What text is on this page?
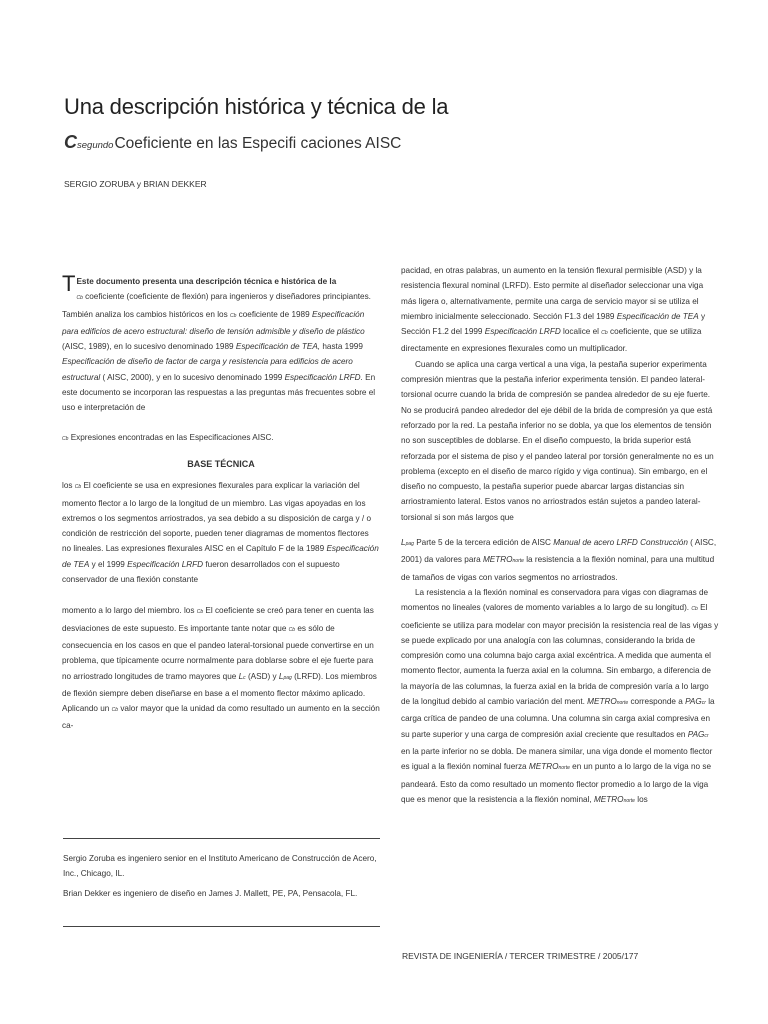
Una descripción histórica y técnica de la
CsegundoCoeficiente en las Especifi caciones AISC

SERGIO ZORUBA y BRIAN DEKKER

T Este documento presenta una descripción técnica e histórica de la
Cb coeficiente (coeficiente de flexión) para ingenieros y diseñadores principiantes. También analiza los cambios históricos en los Cb coeficiente de 1989 Especificación para edificios de acero estructural: diseño de tensión admisible y diseño de plástico (AISC, 1989), en lo sucesivo denominado 1989 Especificación de TEA, hasta 1999 Especificación de diseño de factor de carga y resistencia para edificios de acero estructural ( AISC, 2000), y en lo sucesivo denominado 1999 Especificación LRFD. En este documento se incorporan las respuestas a las preguntas más frecuentes sobre el uso e interpretación de

Cb Expresiones encontradas en las Especificaciones AISC.

BASE TÉCNICA

los Cb El coeficiente se usa en expresiones flexurales para explicar la variación del momento flector a lo largo de la longitud de un miembro. Las vigas apoyadas en los extremos o los segmentos arriostrados, ya sea debido a su disposición de carga y / o condición de restricción del soporte, pueden tener diagramas de momentos flectores no lineales. Las expresiones flexurales AISC en el Capítulo F de la 1989 Especificación de TEA y el 1999 Especificación LRFD fueron desarrollados con el supuesto conservador de una flexión constante

momento a lo largo del miembro. los Cb El coeficiente se creó para tener en cuenta las desviaciones de este supuesto. Es importante tante notar que Cb es sólo de consecuencia en los casos en que el pandeo lateral-torsional puede convertirse en un problema, que típicamente ocurre normalmente para doblarse sobre el eje fuerte para no arriostrado longitudes de tramo mayores que Lc (ASD) y Lpag (LRFD). Los miembros de flexión siempre deben diseñarse en base a el momento flector máximo aplicado. Aplicando un Cb valor mayor que la unidad da como resultado un aumento en la sección ca-

Sergio Zoruba es ingeniero senior en el Instituto Americano de Construcción de Acero, Inc., Chicago, IL.

Brian Dekker es ingeniero de diseño en James J. Mallett, PE, PA, Pensacola, FL.

pacidad, en otras palabras, un aumento en la tensión flexural permisible (ASD) y la resistencia flexural nominal (LRFD). Esto permite al diseñador seleccionar una viga más ligera o, alternativamente, permite una carga de servicio mayor si se utiliza el miembro inicialmente seleccionado. Sección F1.3 del 1989 Especificación de TEA y Sección F1.2 del 1999 Especificación LRFD localice el Cb coeficiente, que se utiliza directamente en expresiones flexurales como un multiplicador.

Cuando se aplica una carga vertical a una viga, la pestaña superior experimenta compresión mientras que la pestaña inferior experimenta tensión. El pandeo lateral-torsional ocurre cuando la brida de compresión se pandea alrededor de su eje fuerte. No se producirá pandeo alrededor del eje débil de la brida de compresión ya que está reforzado por la red. La pestaña inferior no se dobla, ya que los elementos de tensión no son susceptibles de doblarse. En el diseño compuesto, la brida superior está reforzada por el sistema de piso y el pandeo lateral por torsión generalmente no es un problema (excepto en el diseño de marco rígido y viga continua). Sin embargo, en el diseño no compuesto, la pestaña superior puede abarcar largas distancias sin arriostramiento lateral. Estos vanos no arriostrados están sujetos a pandeo lateral-torsional si son más largos que

Lpag Parte 5 de la tercera edición de AISC Manual de acero LRFD Construcción ( AISC, 2001) da valores para METROnorte la resistencia a la flexión nominal, para una multitud de tamaños de vigas con varios segmentos no arriostrados.

La resistencia a la flexión nominal es conservadora para vigas con diagramas de momentos no lineales (valores de momento variables a lo largo de su longitud). Cb El coeficiente se utiliza para modelar con mayor precisión la resistencia real de las vigas y se puede explicado por una analogía con las columnas, considerando la brida de compresión como una columna bajo carga axial excéntrica. A medida que aumenta el momento flector, aumenta la fuerza axial en la columna. Sin embargo, a diferencia de la mayoría de las columnas, la fuerza axial en la brida de compresión varía a lo largo de la longitud debido al cambio variación del ment. METROnorte corresponde a PAGcr la carga crítica de pandeo de una columna. Una columna sin carga axial compresiva en su parte superior y una carga de compresión axial creciente que resultados en PAGcr en la parte inferior no se dobla. De manera similar, una viga donde el momento flector es igual a la flexión nominal fuerza METROnorte en un punto a lo largo de la viga no se pandeará. Esto da como resultado un momento flector promedio a lo largo de la viga que es menor que la resistencia a la flexión nominal, METROnorte los

REVISTA DE INGENIERÍA / TERCER TRIMESTRE / 2005/177
